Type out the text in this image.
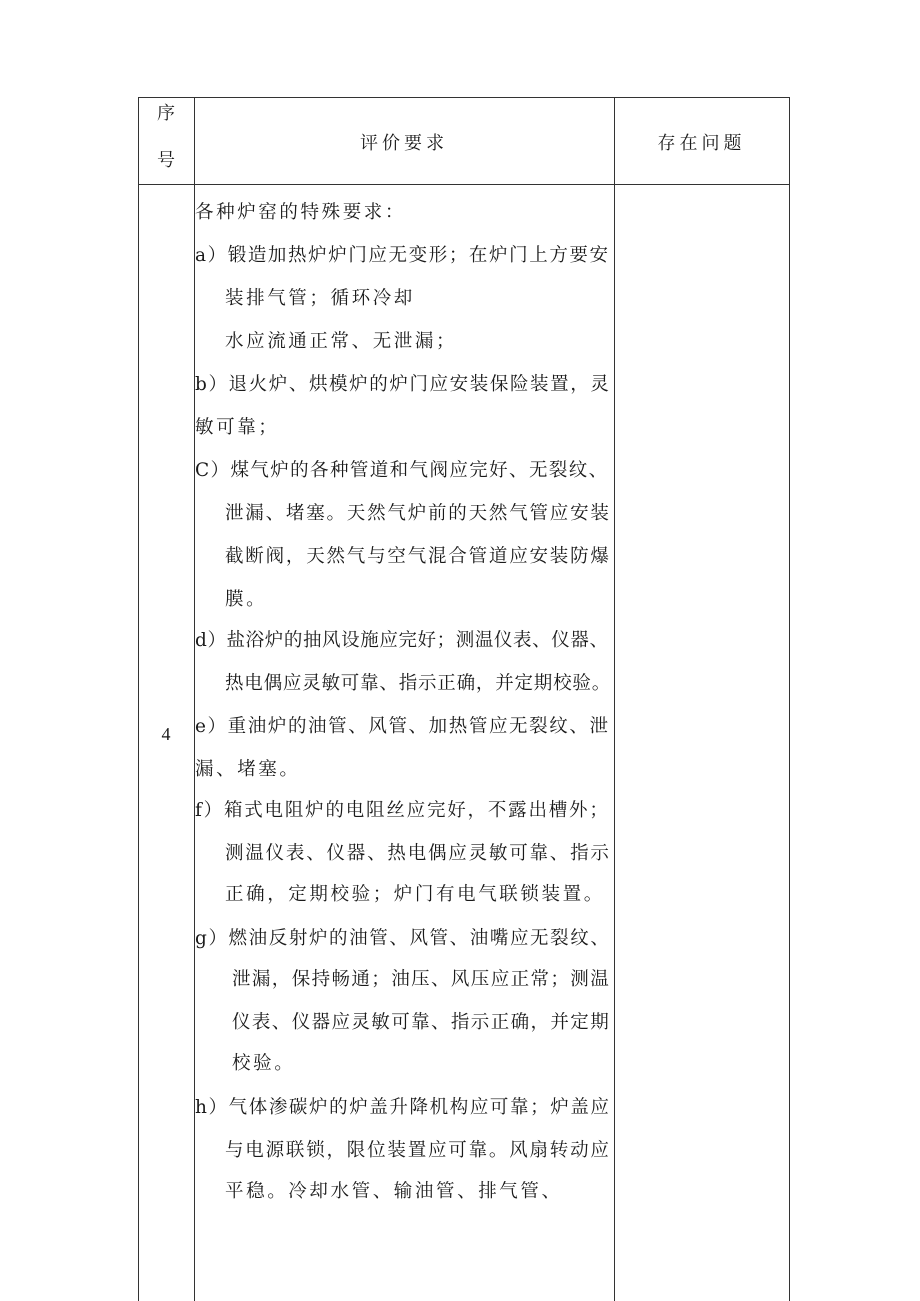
序
号
评价要求	存在问题
4
各种炉窑的特殊要求：
a）锻造加热炉炉门应无变形；在炉门上方要安
装排气管；循环冷却
水应流通正常、无泄漏；
b）退火炉、烘模炉的炉门应安装保险装置，灵
敏可靠；
C）煤气炉的各种管道和气阀应完好、无裂纹、
泄漏、堵塞。天然气炉前的天然气管应安装
截断阀，天然气与空气混合管道应安装防爆
膜。
d）盐浴炉的抽风设施应完好；测温仪表、仪器、
热电偶应灵敏可靠、指示正确，并定期校验。
e）重油炉的油管、风管、加热管应无裂纹、泄
漏、堵塞。
f）箱式电阻炉的电阻丝应完好，不露出槽外；
测温仪表、仪器、热电偶应灵敏可靠、指示
正确，定期校验；炉门有电气联锁装置。
g）燃油反射炉的油管、风管、油嘴应无裂纹、
泄漏，保持畅通；油压、风压应正常；测温
仪表、仪器应灵敏可靠、指示正确，并定期
校验。
h）气体渗碳炉的炉盖升降机构应可靠；炉盖应
与电源联锁，限位装置应可靠。风扇转动应
平稳。冷却水管、输油管、排气管、
